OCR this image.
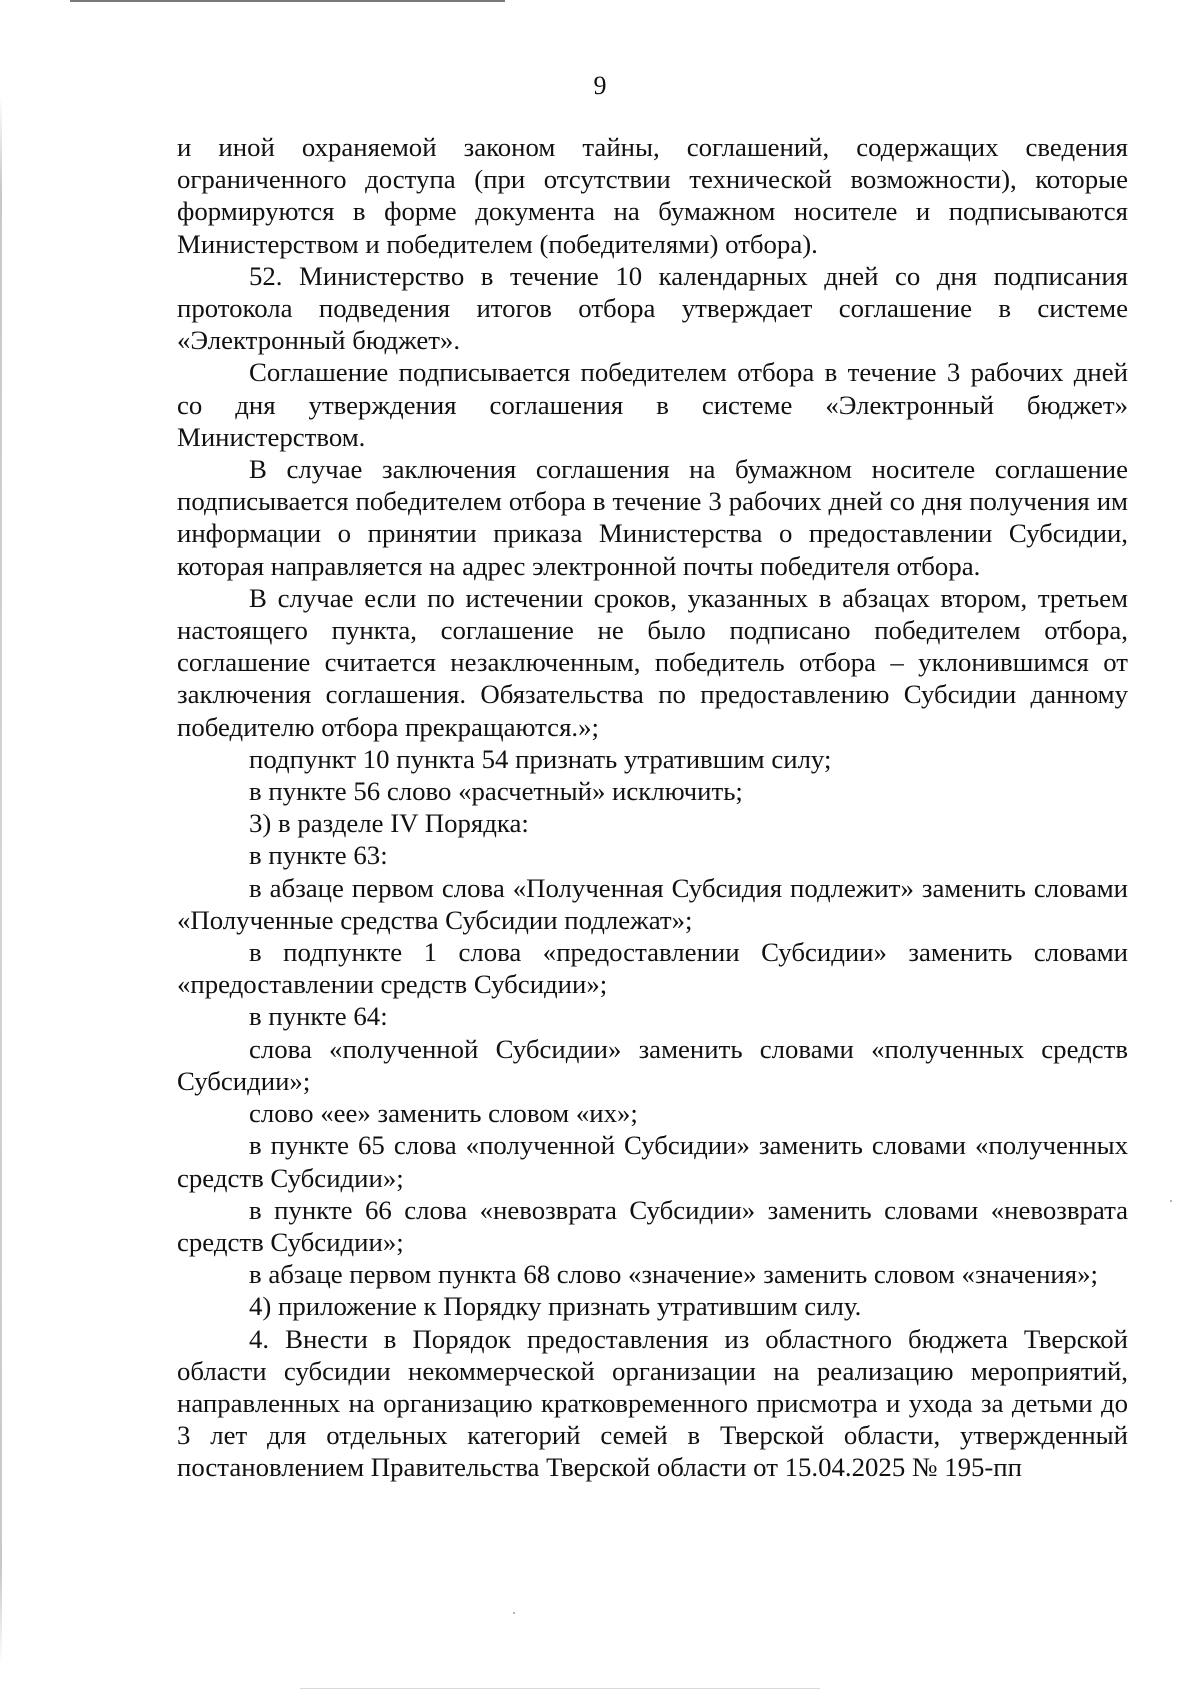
9

и иной охраняемой законом тайны, соглашений, содержащих сведения ограниченного доступа (при отсутствии технической возможности), которые формируются в форме документа на бумажном носителе и подписываются Министерством и победителем (победителями) отбора).

52. Министерство в течение 10 календарных дней со дня подписания протокола подведения итогов отбора утверждает соглашение в системе «Электронный бюджет».

Соглашение подписывается победителем отбора в течение 3 рабочих дней со дня утверждения соглашения в системе «Электронный бюджет» Министерством.

В случае заключения соглашения на бумажном носителе соглашение подписывается победителем отбора в течение 3 рабочих дней со дня получения им информации о принятии приказа Министерства о предоставлении Субсидии, которая направляется на адрес электронной почты победителя отбора.

В случае если по истечении сроков, указанных в абзацах втором, третьем настоящего пункта, соглашение не было подписано победителем отбора, соглашение считается незаключенным, победитель отбора – уклонившимся от заключения соглашения. Обязательства по предоставлению Субсидии данному победителю отбора прекращаются.»;

подпункт 10 пункта 54 признать утратившим силу;

в пункте 56 слово «расчетный» исключить;

3) в разделе IV Порядка:

в пункте 63:

в абзаце первом слова «Полученная Субсидия подлежит» заменить словами «Полученные средства Субсидии подлежат»;

в подпункте 1 слова «предоставлении Субсидии» заменить словами «предоставлении средств Субсидии»;

в пункте 64:

слова «полученной Субсидии» заменить словами «полученных средств Субсидии»;

слово «ее» заменить словом «их»;

в пункте 65 слова «полученной Субсидии» заменить словами «полученных средств Субсидии»;

в пункте 66 слова «невозврата Субсидии» заменить словами «невозврата средств Субсидии»;

в абзаце первом пункта 68 слово «значение» заменить словом «значения»;

4) приложение к Порядку признать утратившим силу.

4. Внести в Порядок предоставления из областного бюджета Тверской области субсидии некоммерческой организации на реализацию мероприятий, направленных на организацию кратковременного присмотра и ухода за детьми до 3 лет для отдельных категорий семей в Тверской области, утвержденный постановлением Правительства Тверской области от 15.04.2025 № 195-пп
